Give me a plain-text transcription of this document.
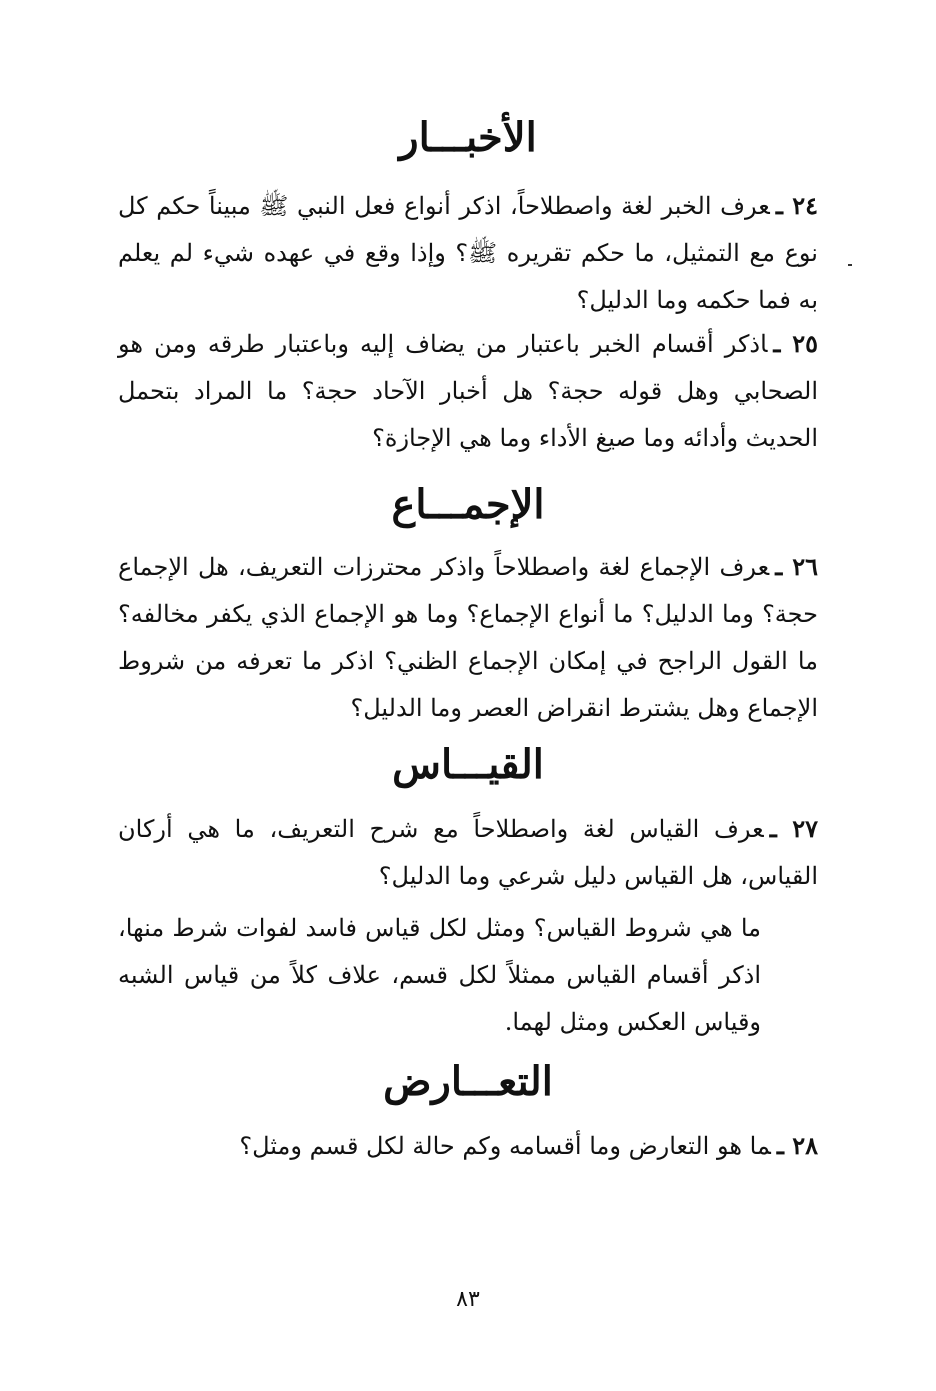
الأخبـــار

٢٤ ـعرف الخبر لغة واصطلاحاً، اذكر أنواع فعل النبي ﷺ مبيناً حكم كل نوع مع التمثيل، ما حكم تقريره ﷺ؟ وإذا وقع في عهده شيء لم يعلم به فما حكمه وما الدليل؟

٢٥ ـاذكر أقسام الخبر باعتبار من يضاف إليه وباعتبار طرقه ومن هو الصحابي وهل قوله حجة؟ هل أخبار الآحاد حجة؟ ما المراد بتحمل الحديث وأدائه وما صيغ الأداء وما هي الإجازة؟

الإجمـــاع

٢٦ ـعرف الإجماع لغة واصطلاحاً واذكر محترزات التعريف، هل الإجماع حجة؟ وما الدليل؟ ما أنواع الإجماع؟ وما هو الإجماع الذي يكفر مخالفه؟ ما القول الراجح في إمكان الإجماع الظني؟ اذكر ما تعرفه من شروط الإجماع وهل يشترط انقراض العصر وما الدليل؟

القيـــاس

٢٧ ـعرف القياس لغة واصطلاحاً مع شرح التعريف، ما هي أركان القياس، هل القياس دليل شرعي وما الدليل؟

ما هي شروط القياس؟ ومثل لكل قياس فاسد لفوات شرط منها، اذكر أقسام القياس ممثلاً لكل قسم، علاف كلاً من قياس الشبه وقياس العكس ومثل لهما.

التعـــارض

٢٨ ـما هو التعارض وما أقسامه وكم حالة لكل قسم ومثل؟

٨٣
